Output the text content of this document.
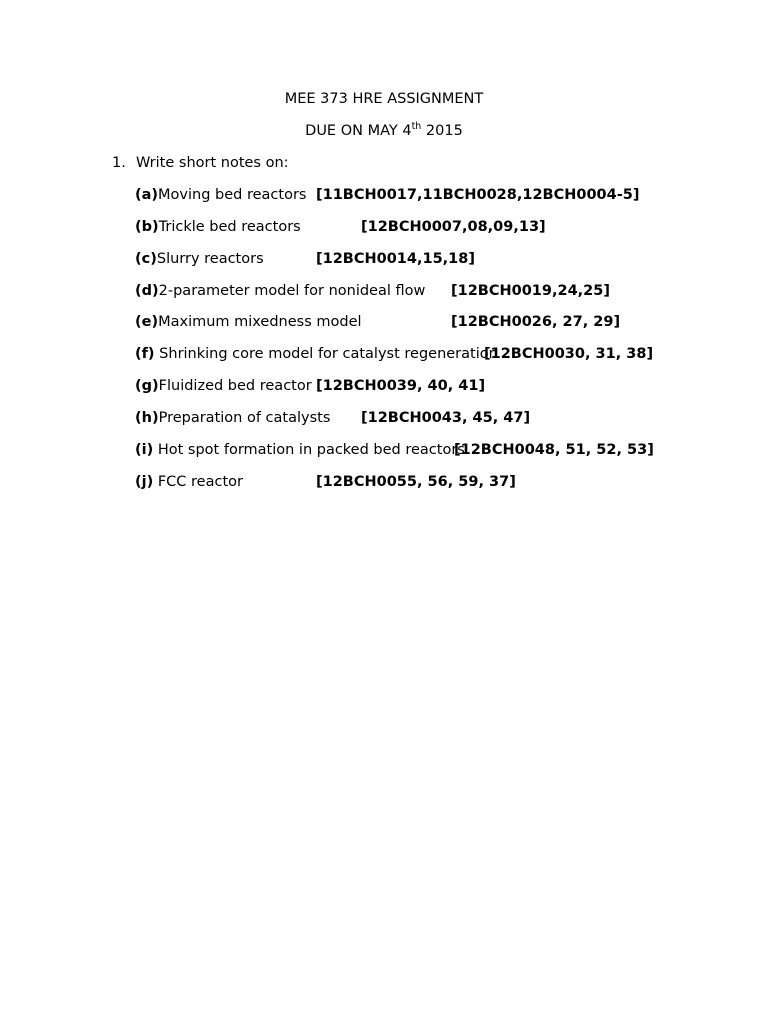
MEE 373 HRE ASSIGNMENT
DUE ON MAY 4th 2015
1. Write short notes on:
(a)Moving bed reactors [11BCH0017,11BCH0028,12BCH0004-5]
(b)Trickle bed reactors	[12BCH0007,08,09,13]
(c)Slurry reactors	[12BCH0014,15,18]
(d)2-parameter model for nonideal flow [12BCH0019,24,25]
(e)Maximum mixedness model	[12BCH0026, 27, 29]
(f) Shrinking core model for catalyst regeneration
[12BCH0030, 31, 38]
(g)Fluidized bed reactor [12BCH0039, 40, 41]
(h)Preparation of catalysts [12BCH0043, 45, 47]
(i) Hot spot formation in packed bed reactors
[12BCH0048, 51, 52, 53]
(j) FCC reactor	[12BCH0055, 56, 59, 37]
